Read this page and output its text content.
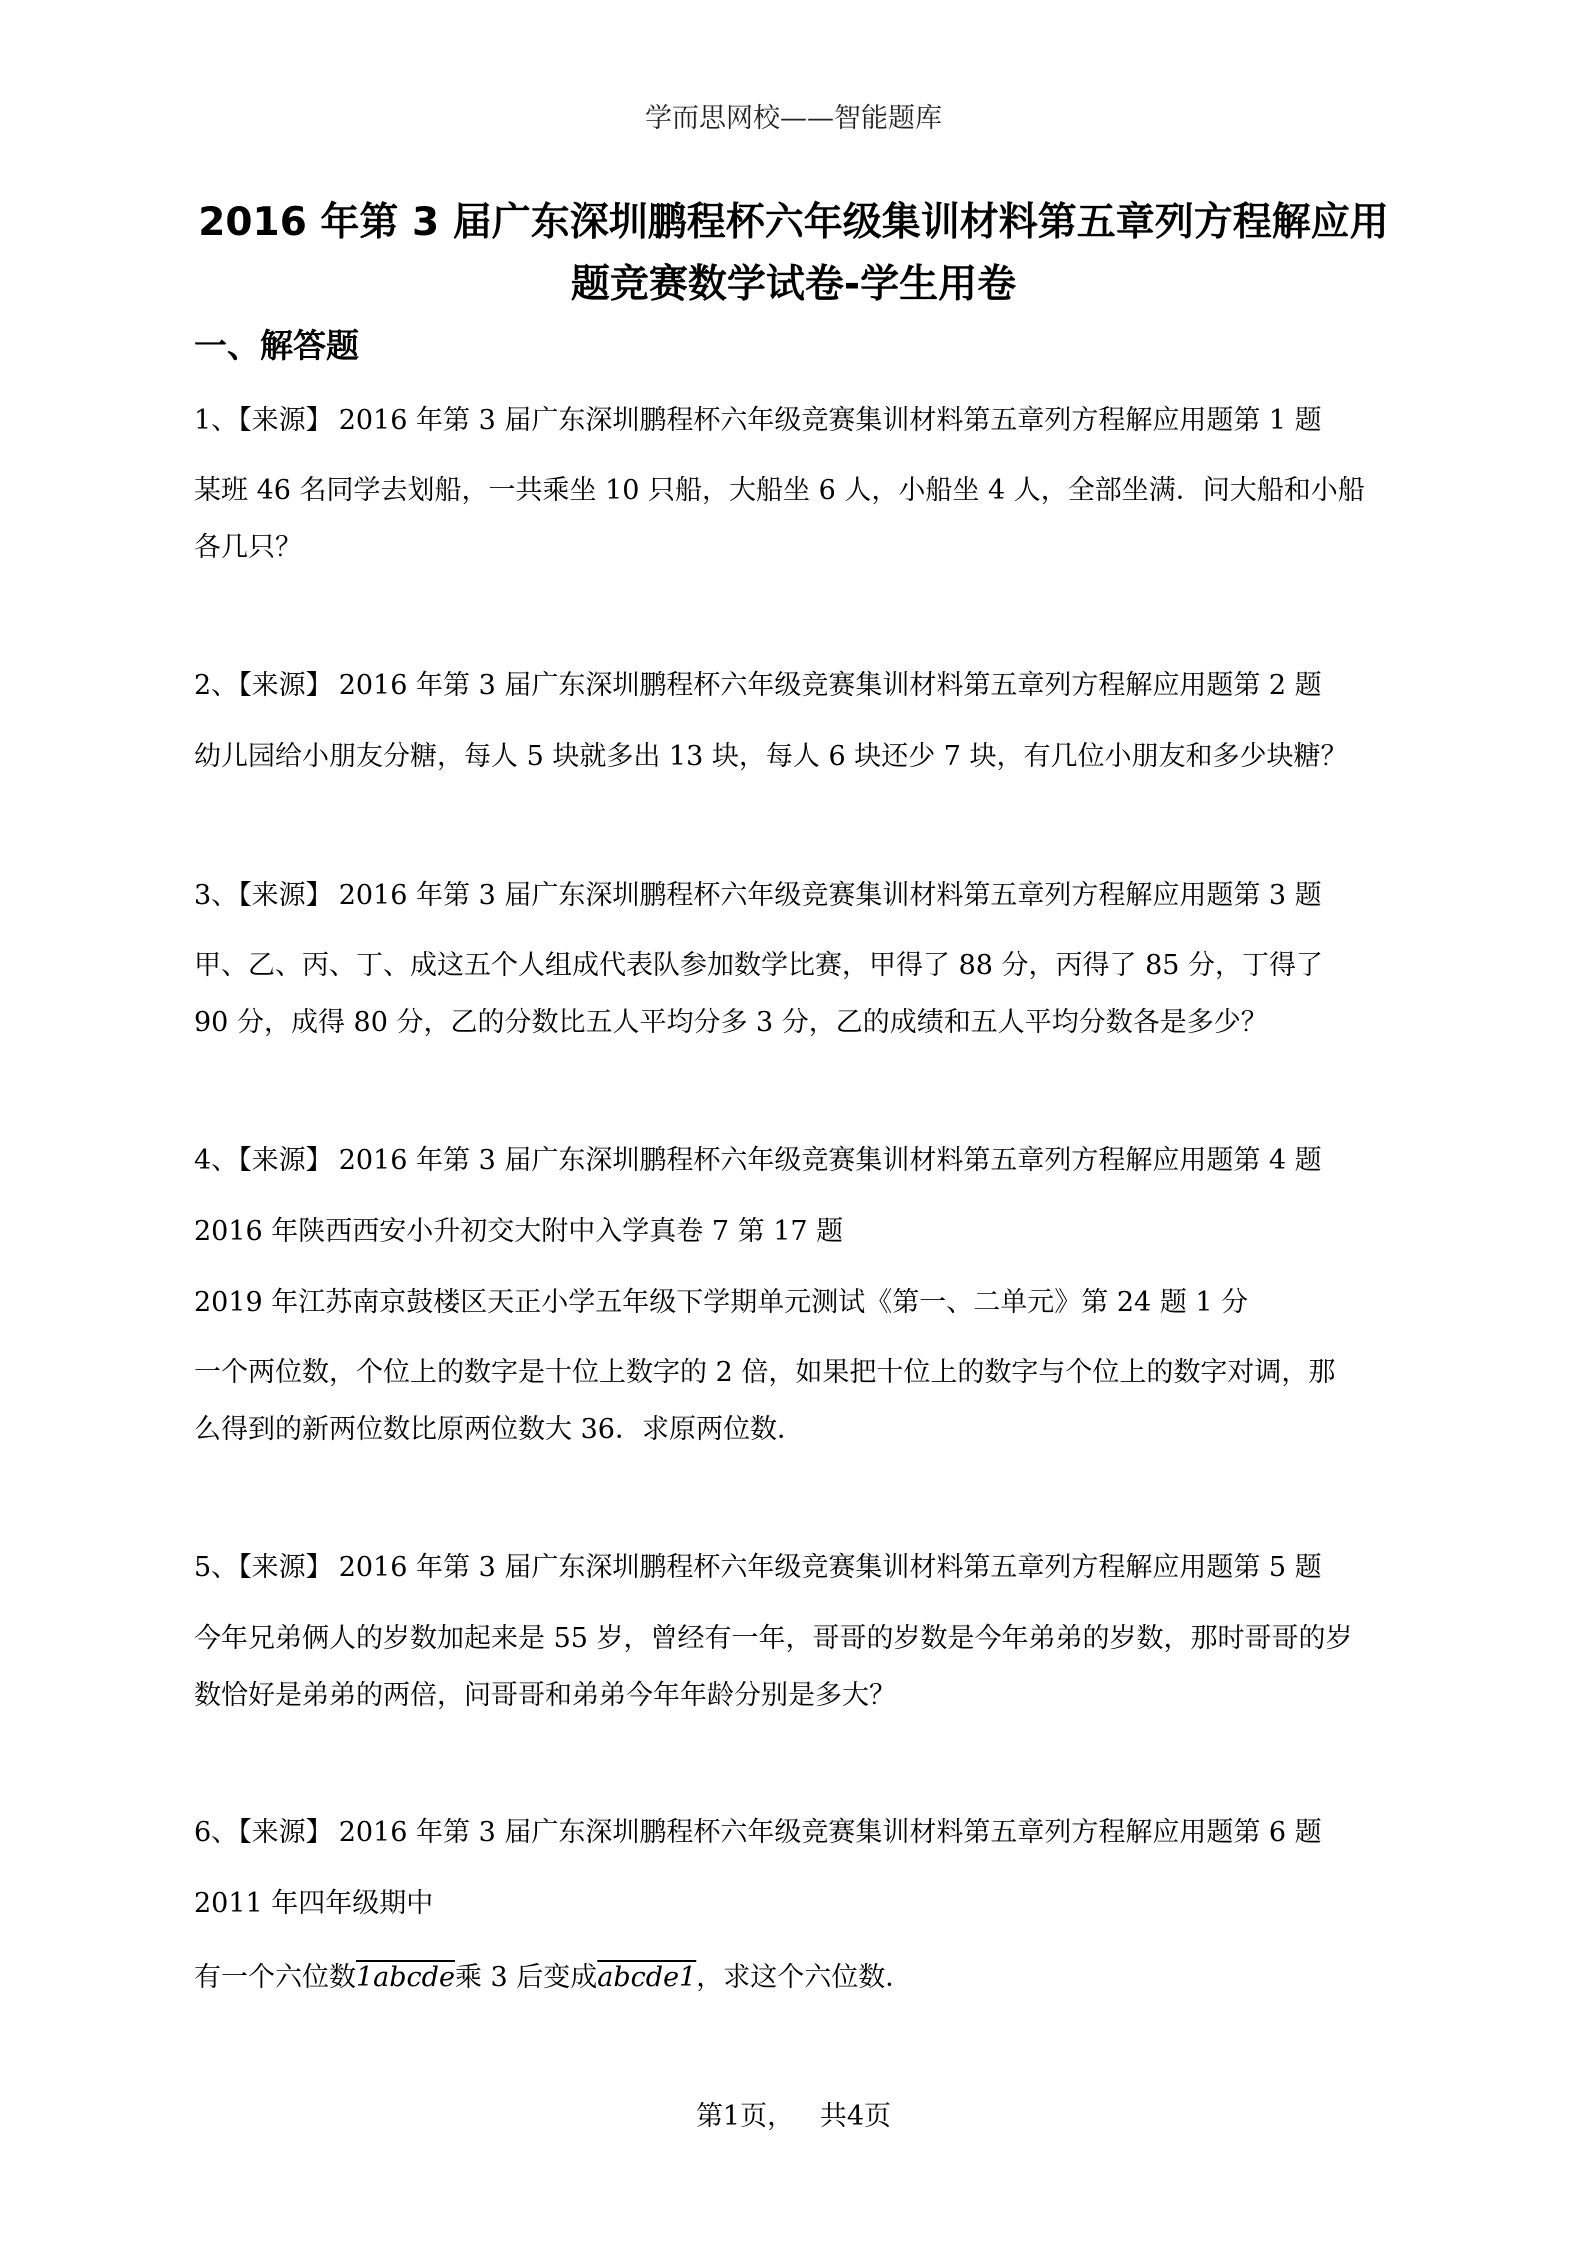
学而思网校——智能题库
2016 年第 3 届广东深圳鹏程杯六年级集训材料第五章列方程解应用
题竞赛数学试卷-学生用卷
一、解答题
1、【来源】 2016 年第 3 届广东深圳鹏程杯六年级竞赛集训材料第五章列方程解应用题第 1 题
某班 46 名同学去划船，一共乘坐 10 只船，大船坐 6 人，小船坐 4 人，全部坐满．问大船和小船
各几只？
2、【来源】 2016 年第 3 届广东深圳鹏程杯六年级竞赛集训材料第五章列方程解应用题第 2 题
幼儿园给小朋友分糖，每人 5 块就多出 13 块，每人 6 块还少 7 块，有几位小朋友和多少块糖？
3、【来源】 2016 年第 3 届广东深圳鹏程杯六年级竞赛集训材料第五章列方程解应用题第 3 题
甲、乙、丙、丁、成这五个人组成代表队参加数学比赛，甲得了 88 分，丙得了 85 分，丁得了
90 分，成得 80 分，乙的分数比五人平均分多 3 分，乙的成绩和五人平均分数各是多少？
4、【来源】 2016 年第 3 届广东深圳鹏程杯六年级竞赛集训材料第五章列方程解应用题第 4 题
2016 年陕西西安小升初交大附中入学真卷 7 第 17 题
2019 年江苏南京鼓楼区天正小学五年级下学期单元测试《第一、二单元》第 24 题 1 分
一个两位数，个位上的数字是十位上数字的 2 倍，如果把十位上的数字与个位上的数字对调，那
么得到的新两位数比原两位数大 36．求原两位数．
5、【来源】 2016 年第 3 届广东深圳鹏程杯六年级竞赛集训材料第五章列方程解应用题第 5 题
今年兄弟俩人的岁数加起来是 55 岁，曾经有一年，哥哥的岁数是今年弟弟的岁数，那时哥哥的岁
数恰好是弟弟的两倍，问哥哥和弟弟今年年龄分别是多大？
6、【来源】 2016 年第 3 届广东深圳鹏程杯六年级竞赛集训材料第五章列方程解应用题第 6 题
2011 年四年级期中
有一个六位数1abcde乘 3 后变成abcde1，求这个六位数．
第1页，   共4页
